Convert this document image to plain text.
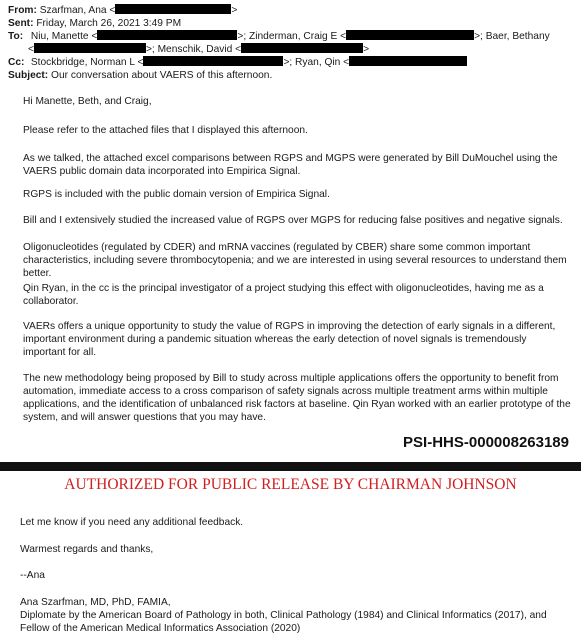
From: Szarfman, Ana <	>
Sent: Friday, March 26, 2021 3:49 PM
To: Niu, Manette <	>; Zinderman, Craig E <	>; Baer, Bethany
<	>; Menschik, David <	>
Cc: Stockbridge, Norman L <	>; Ryan, Qin <
Subject: Our conversation about VAERS of this afternoon.
Hi Manette, Beth, and Craig,
Please refer to the attached files that I displayed this afternoon.
As we talked, the attached excel comparisons between RGPS and MGPS were generated by Bill DuMouchel using the VAERS public domain data incorporated into Empirica Signal.
RGPS is included with the public domain version of Empirica Signal.
Bill and I extensively studied the increased value of RGPS over MGPS for reducing false positives and negative signals.
Oligonucleotides (regulated by CDER) and mRNA vaccines (regulated by CBER) share some common important characteristics, including severe thrombocytopenia; and we are interested in using several resources to understand them better.
Qin Ryan, in the cc is the principal investigator of a project studying this effect with oligonucleotides, having me as a collaborator.
VAERs offers a unique opportunity to study the value of RGPS in improving the detection of early signals in a different, important environment during a pandemic situation whereas the early detection of novel signals is tremendously important for all.
The new methodology being proposed by Bill to study across multiple applications offers the opportunity to benefit from automation, immediate access to a cross comparison of safety signals across multiple treatment arms within multiple applications, and the identification of unbalanced risk factors at baseline. Qin Ryan worked with an earlier prototype of the system, and will answer questions that you may have.
PSI-HHS-000008263189
AUTHORIZED FOR PUBLIC RELEASE BY CHAIRMAN JOHNSON
Let me know if you need any additional feedback.
Warmest regards and thanks,
--Ana
Ana Szarfman, MD, PhD, FAMIA,
Diplomate by the American Board of Pathology in both, Clinical Pathology (1984) and Clinical Informatics (2017), and
Fellow of the American Medical Informatics Association (2020)
